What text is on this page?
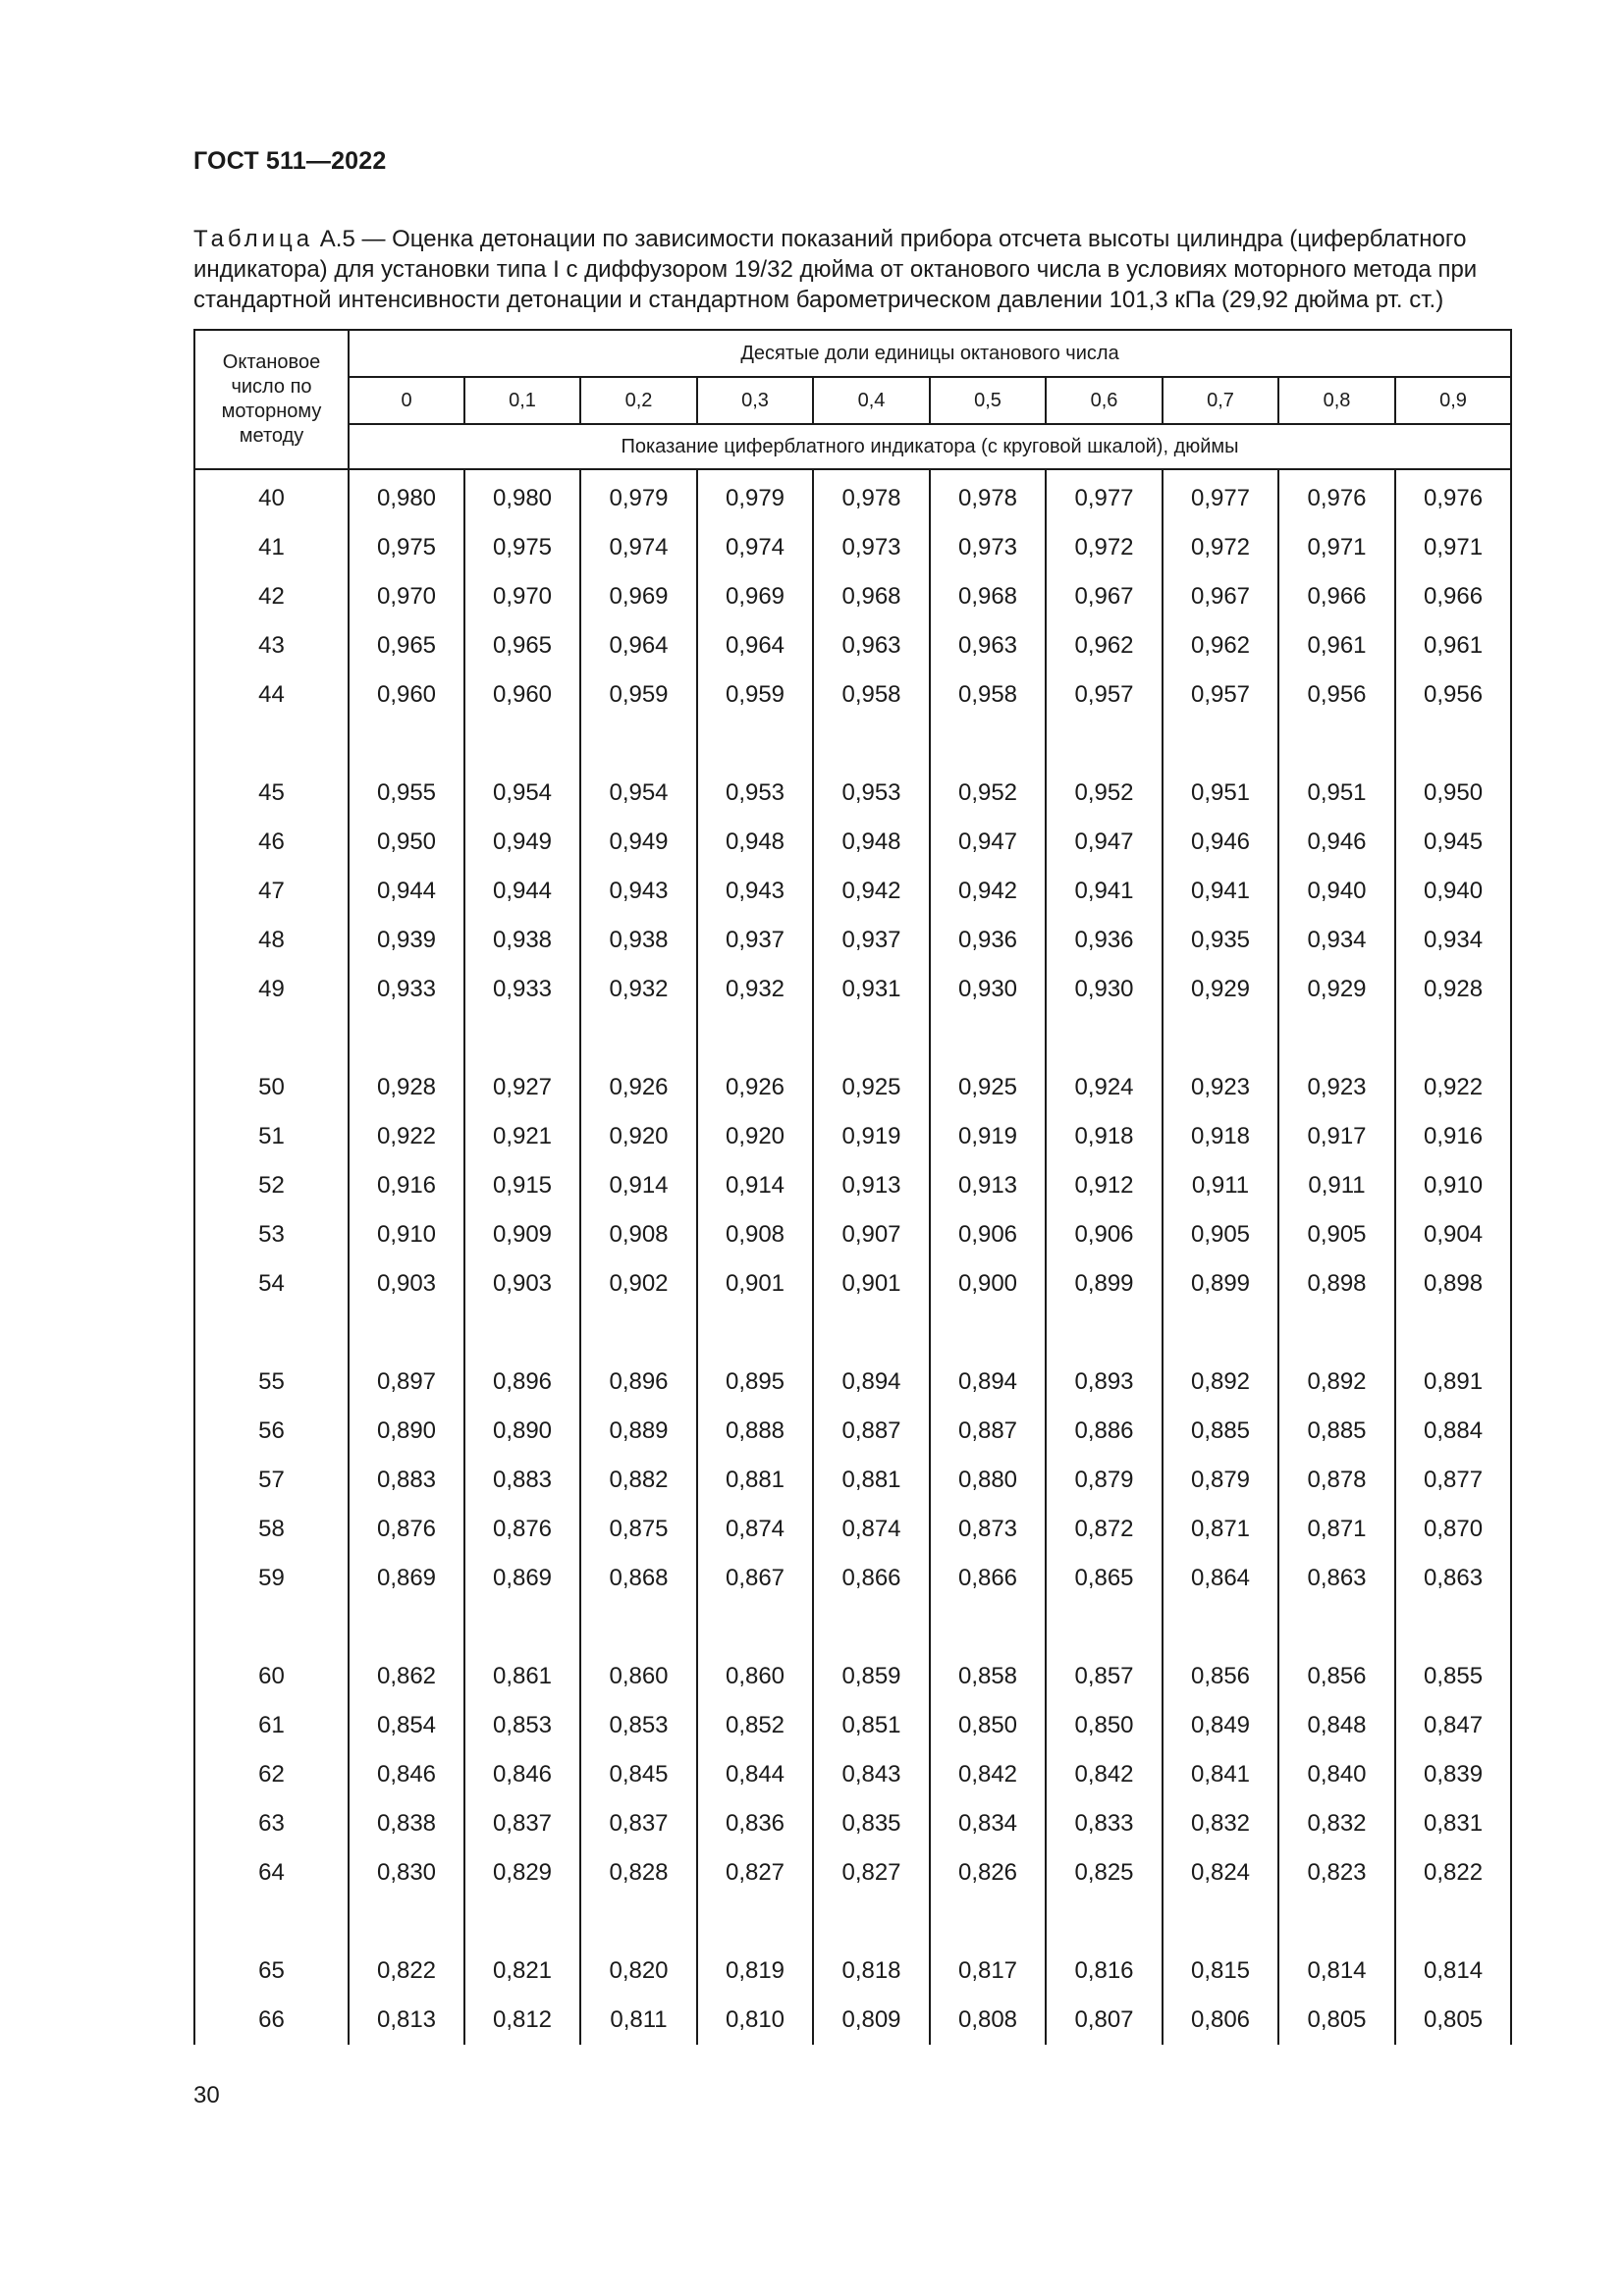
ГОСТ 511—2022
Таблица А.5 — Оценка детонации по зависимости показаний прибора отсчета высоты цилиндра (циферблатного индикатора) для установки типа I с диффузором 19/32 дюйма от октанового числа в условиях моторного метода при стандартной интенсивности детонации и стандартном барометрическом давлении 101,3 кПа (29,92 дюйма рт. ст.)
Октановое число по моторному методу	Десятые доли единицы октанового числа									
	0	0,1	0,2	0,3	0,4	0,5	0,6	0,7	0,8	0,9
	Показание циферблатного индикатора (с круговой шкалой), дюймы									
40	0,980	0,980	0,979	0,979	0,978	0,978	0,977	0,977	0,976	0,976
41	0,975	0,975	0,974	0,974	0,973	0,973	0,972	0,972	0,971	0,971
42	0,970	0,970	0,969	0,969	0,968	0,968	0,967	0,967	0,966	0,966
43	0,965	0,965	0,964	0,964	0,963	0,963	0,962	0,962	0,961	0,961
44	0,960	0,960	0,959	0,959	0,958	0,958	0,957	0,957	0,956	0,956

45	0,955	0,954	0,954	0,953	0,953	0,952	0,952	0,951	0,951	0,950
46	0,950	0,949	0,949	0,948	0,948	0,947	0,947	0,946	0,946	0,945
47	0,944	0,944	0,943	0,943	0,942	0,942	0,941	0,941	0,940	0,940
48	0,939	0,938	0,938	0,937	0,937	0,936	0,936	0,935	0,934	0,934
49	0,933	0,933	0,932	0,932	0,931	0,930	0,930	0,929	0,929	0,928

50	0,928	0,927	0,926	0,926	0,925	0,925	0,924	0,923	0,923	0,922
51	0,922	0,921	0,920	0,920	0,919	0,919	0,918	0,918	0,917	0,916
52	0,916	0,915	0,914	0,914	0,913	0,913	0,912	0,911	0,911	0,910
53	0,910	0,909	0,908	0,908	0,907	0,906	0,906	0,905	0,905	0,904
54	0,903	0,903	0,902	0,901	0,901	0,900	0,899	0,899	0,898	0,898

55	0,897	0,896	0,896	0,895	0,894	0,894	0,893	0,892	0,892	0,891
56	0,890	0,890	0,889	0,888	0,887	0,887	0,886	0,885	0,885	0,884
57	0,883	0,883	0,882	0,881	0,881	0,880	0,879	0,879	0,878	0,877
58	0,876	0,876	0,875	0,874	0,874	0,873	0,872	0,871	0,871	0,870
59	0,869	0,869	0,868	0,867	0,866	0,866	0,865	0,864	0,863	0,863

60	0,862	0,861	0,860	0,860	0,859	0,858	0,857	0,856	0,856	0,855
61	0,854	0,853	0,853	0,852	0,851	0,850	0,850	0,849	0,848	0,847
62	0,846	0,846	0,845	0,844	0,843	0,842	0,842	0,841	0,840	0,839
63	0,838	0,837	0,837	0,836	0,835	0,834	0,833	0,832	0,832	0,831
64	0,830	0,829	0,828	0,827	0,827	0,826	0,825	0,824	0,823	0,822

65	0,822	0,821	0,820	0,819	0,818	0,817	0,816	0,815	0,814	0,814
66	0,813	0,812	0,811	0,810	0,809	0,808	0,807	0,806	0,805	0,805
30
